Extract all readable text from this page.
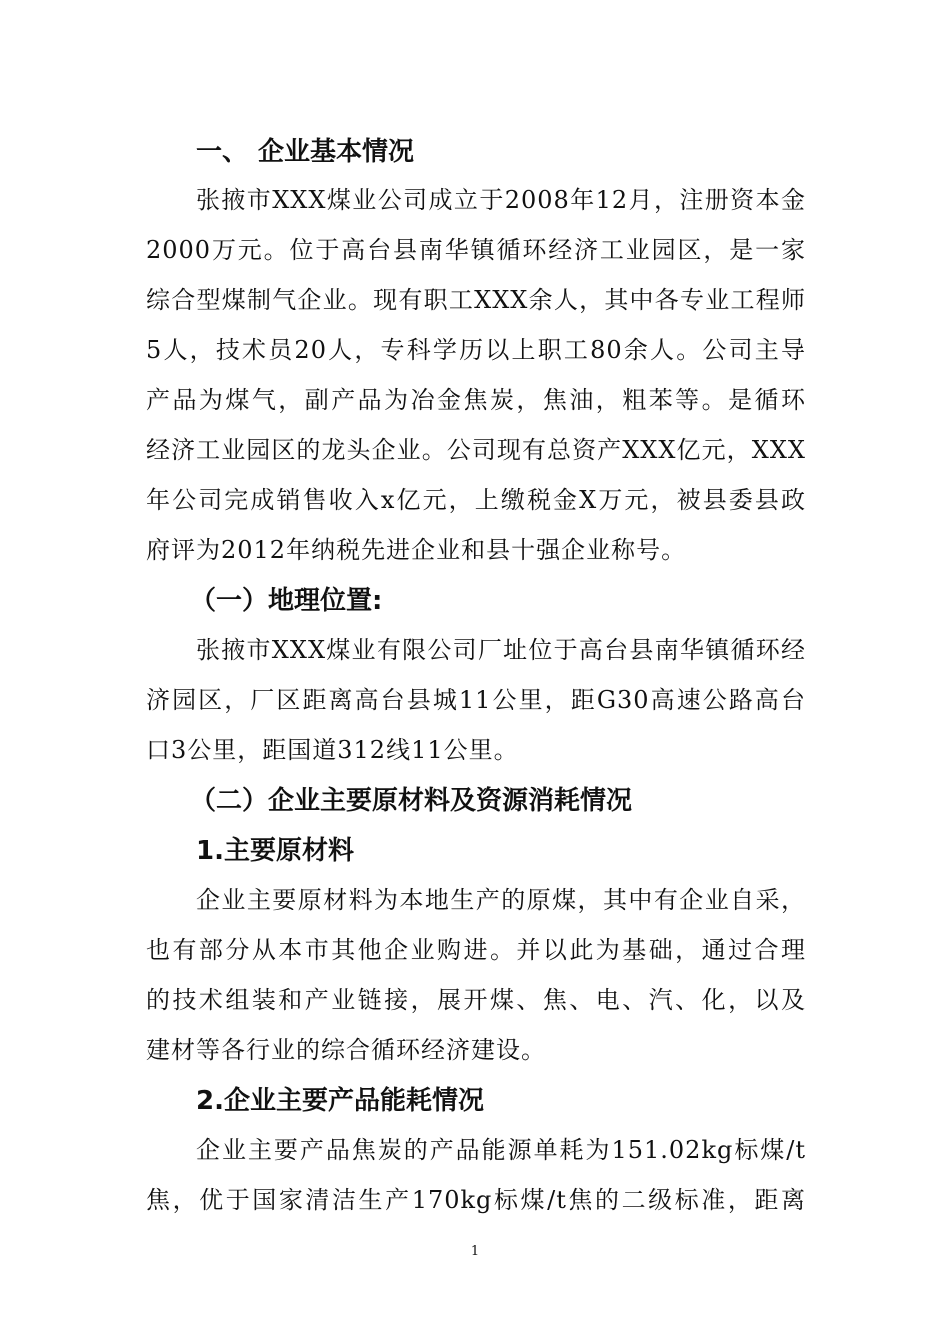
一、 企业基本情况
张掖市XXX煤业公司成立于2008年12月，注册资本金
2000万元。位于高台县南华镇循环经济工业园区，是一家
综合型煤制气企业。现有职工XXX余人，其中各专业工程师
5人，技术员20人，专科学历以上职工80余人。公司主导
产品为煤气，副产品为冶金焦炭，焦油，粗苯等。是循环
经济工业园区的龙头企业。公司现有总资产XXX亿元，XXX
年公司完成销售收入x亿元，上缴税金X万元，被县委县政
府评为2012年纳税先进企业和县十强企业称号。
（一）地理位置:
张掖市XXX煤业有限公司厂址位于高台县南华镇循环经
济园区，厂区距离高台县城11公里，距G30高速公路高台
口3公里，距国道312线11公里。
（二）企业主要原材料及资源消耗情况
1.主要原材料
企业主要原材料为本地生产的原煤，其中有企业自采，
也有部分从本市其他企业购进。并以此为基础，通过合理
的技术组装和产业链接，展开煤、焦、电、汽、化，以及
建材等各行业的综合循环经济建设。
2.企业主要产品能耗情况
企业主要产品焦炭的产品能源单耗为151.02kg标煤/t
焦，优于国家清洁生产170kg标煤/t焦的二级标准，距离
1
